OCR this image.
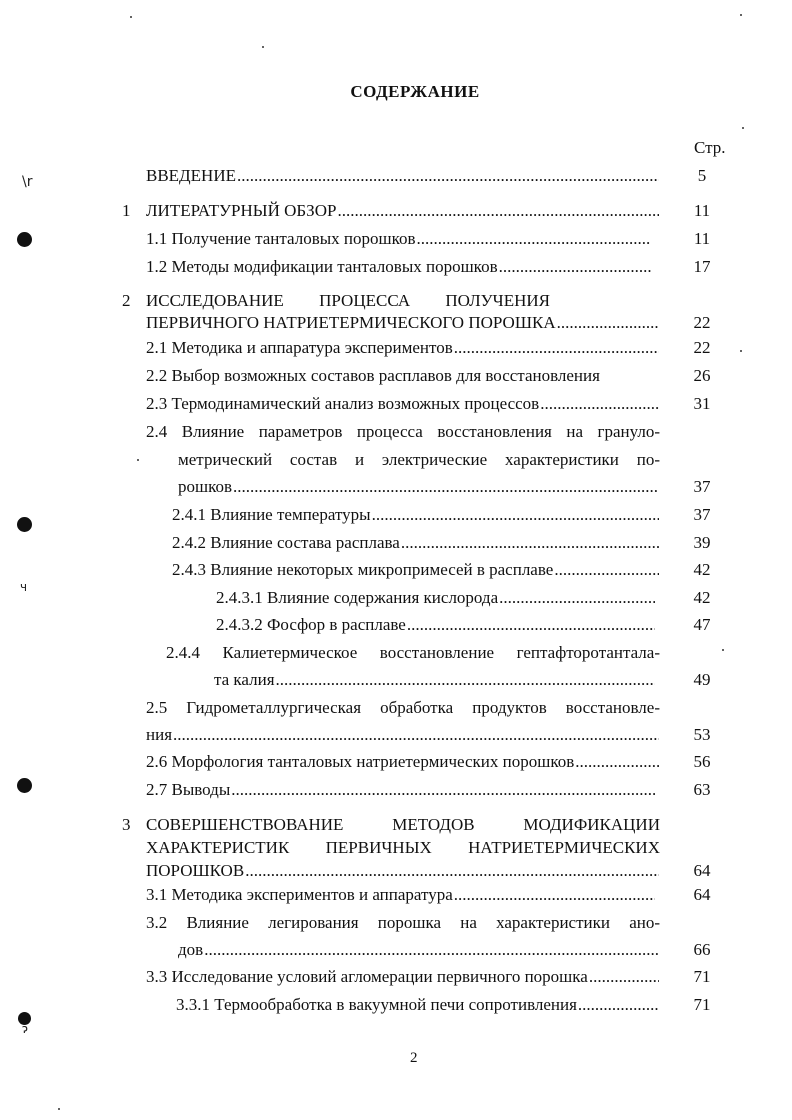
СОДЕРЖАНИЕ
Стр.
ВВЕДЕНИЕ .....	5
1 ЛИТЕРАТУРНЫЙ ОБЗОР .....	11
1.1 Получение танталовых порошков .....	11
1.2 Методы модификации танталовых порошков .....	17
2 ИССЛЕДОВАНИЕ ПРОЦЕССА ПОЛУЧЕНИЯ
ПЕРВИЧНОГО НАТРИЕТЕРМИЧЕСКОГО ПОРОШКА .....	22
2.1 Методика и аппаратура экспериментов .....	22
2.2 Выбор возможных составов расплавов для восстановления	26
2.3 Термодинамический анализ возможных процессов .....	31
2.4 Влияние параметров процесса восстановления на грануло-
метрический состав и электрические характеристики по-
рошков .....	37
2.4.1 Влияние температуры .....	37
2.4.2 Влияние состава расплава .....	39
2.4.3 Влияние некоторых микропримесей в расплаве .....	42
2.4.3.1 Влияние содержания кислорода .....	42
2.4.3.2 Фосфор в расплаве .....	47
2.4.4 Калиетермическое восстановление гептафторотантала-
та калия .....	49
2.5 Гидрометаллургическая обработка продуктов восстановле-
ния .....	53
2.6 Морфология танталовых натриетермических порошков .....	56
2.7 Выводы .....	63
3 СОВЕРШЕНСТВОВАНИЕ МЕТОДОВ МОДИФИКАЦИИ
ХАРАКТЕРИСТИК ПЕРВИЧНЫХ НАТРИЕТЕРМИЧЕСКИХ
ПОРОШКОВ .....	64
3.1 Методика экспериментов и аппаратура .....	64
3.2 Влияние легирования порошка на характеристики ано-
дов .....	66
3.3 Исследование условий агломерации первичного порошка .....	71
3.3.1 Термообработка в вакуумной печи сопротивления .....	71
2
ɂ
\r
ч
